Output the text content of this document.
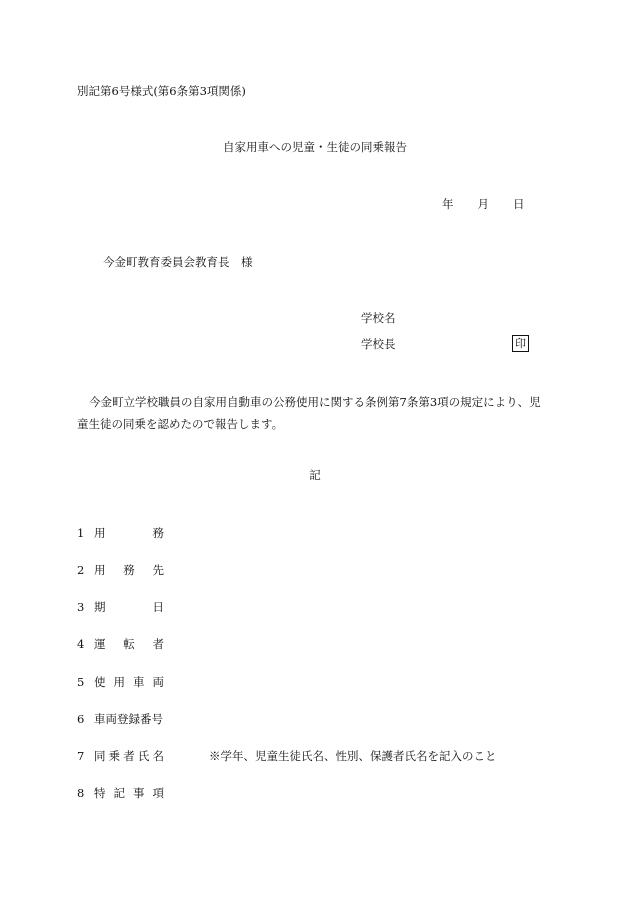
別記第6号様式(第6条第3項関係)
自家用車への児童・生徒の同乗報告
年 月 日
今金町教育委員会教育長　様
学校名
学校長	印
今金町立学校職員の自家用自動車の公務使用に関する条例第7条第3項の規定により、児童生徒の同乗を認めたので報告します。
記
1 用	務
2 用 務 先
3 期	日
4 運 転 者
5 使 用 車 両
6 車両登録番号
7 同 乗 者 氏 名	※学年、児童生徒氏名、性別、保護者氏名を記入のこと
8 特 記 事 項
